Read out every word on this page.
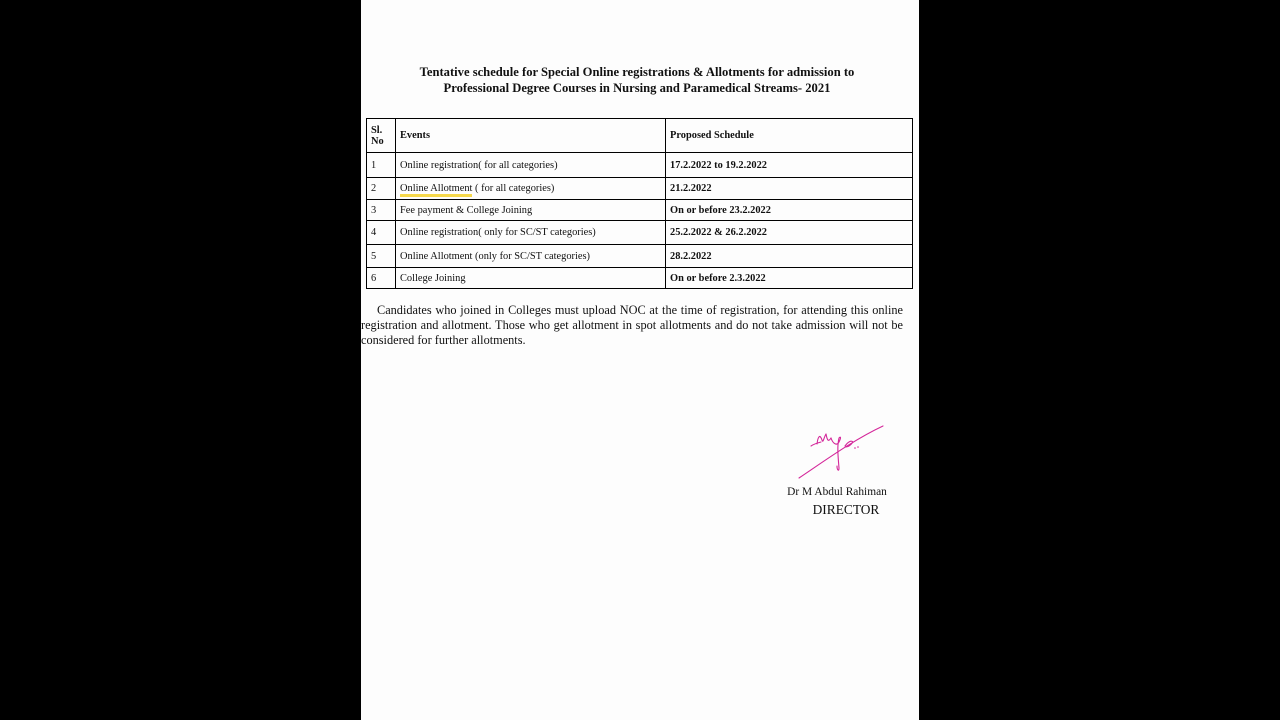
Tentative schedule for Special Online registrations & Allotments for admission to
Professional Degree Courses in Nursing and Paramedical Streams- 2021
Sl. No	Events	Proposed Schedule
1	Online registration( for all categories)	17.2.2022 to 19.2.2022
2	Online Allotment ( for all categories)	21.2.2022
3	Fee payment & College Joining	On or before 23.2.2022
4	Online registration( only for SC/ST categories)	25.2.2022 & 26.2.2022
5	Online Allotment (only for SC/ST categories)	28.2.2022
6	College Joining	On or before 2.3.2022

Candidates who joined in Colleges must upload NOC at the time of registration, for attending this online registration and allotment. Those who get allotment in spot allotments and do not take admission will not be considered for further allotments.

Dr M Abdul Rahiman

DIRECTOR
